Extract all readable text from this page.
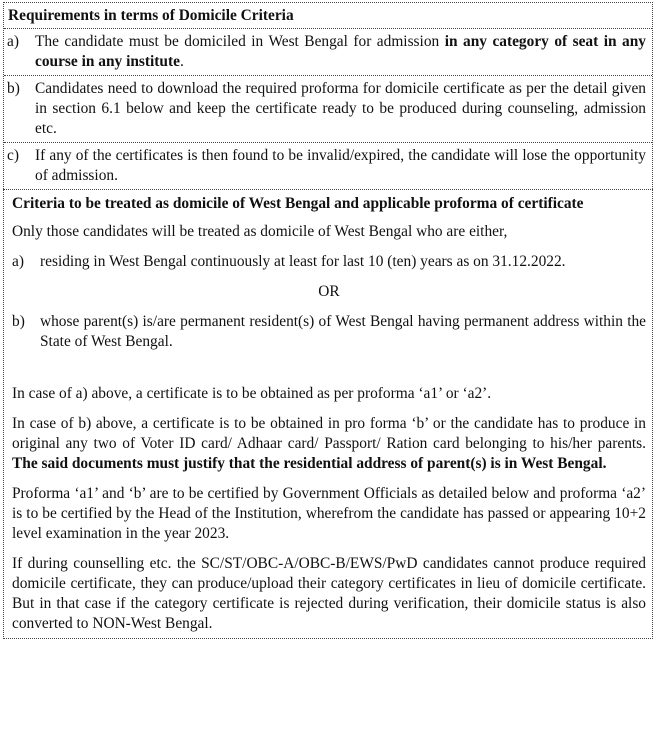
Requirements in terms of Domicile Criteria
a)	The candidate must be domiciled in West Bengal for admission in any category of seat in any course in any institute.
b) Candidates need to download the required proforma for domicile certificate as per the detail given in section 6.1 below and keep the certificate ready to be produced during counseling, admission etc.
c)	If any of the certificates is then found to be invalid/expired, the candidate will lose the opportunity of admission.
Criteria to be treated as domicile of West Bengal and applicable proforma of certificate

Only those candidates will be treated as domicile of West Bengal who are either,

a)	residing in West Bengal continuously at least for last 10 (ten) years as on 31.12.2022.
OR
b) whose parent(s) is/are permanent resident(s) of West Bengal having permanent address within the State of West Bengal.

In case of a) above, a certificate is to be obtained as per proforma ‘a1’ or ‘a2’.

In case of b) above, a certificate is to be obtained in pro forma ‘b’ or the candidate has to produce in original any two of Voter ID card/ Adhaar card/ Passport/ Ration card belonging to his/her parents. The said documents must justify that the residential address of parent(s) is in West Bengal.

Proforma ‘a1’ and ‘b’ are to be certified by Government Officials as detailed below and proforma ‘a2’ is to be certified by the Head of the Institution, wherefrom the candidate has passed or appearing 10+2 level examination in the year 2023.

If during counselling etc. the SC/ST/OBC-A/OBC-B/EWS/PwD candidates cannot produce required domicile certificate, they can produce/upload their category certificates in lieu of domicile certificate. But in that case if the category certificate is rejected during verification, their domicile status is also converted to NON-West Bengal.
